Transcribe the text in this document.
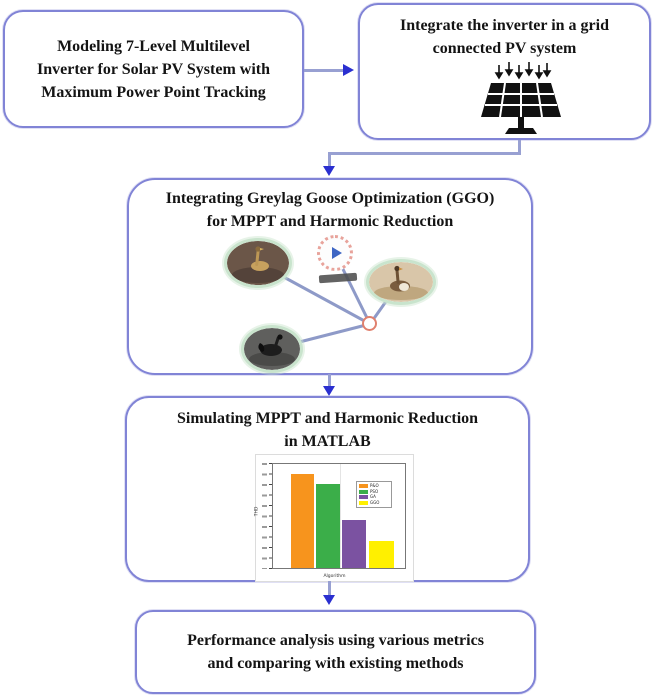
Modeling 7-Level Multilevel
Inverter for Solar PV System with
Maximum Power Point Tracking
Integrate the inverter in a grid
connected PV system
Integrating Greylag Goose Optimization (GGO)
for MPPT and Harmonic Reduction
Simulating MPPT and Harmonic Reduction
in MATLAB
THD
P&O
PSO
GA
GGO
Algorithm
Performance analysis using various metrics
and comparing with existing methods
